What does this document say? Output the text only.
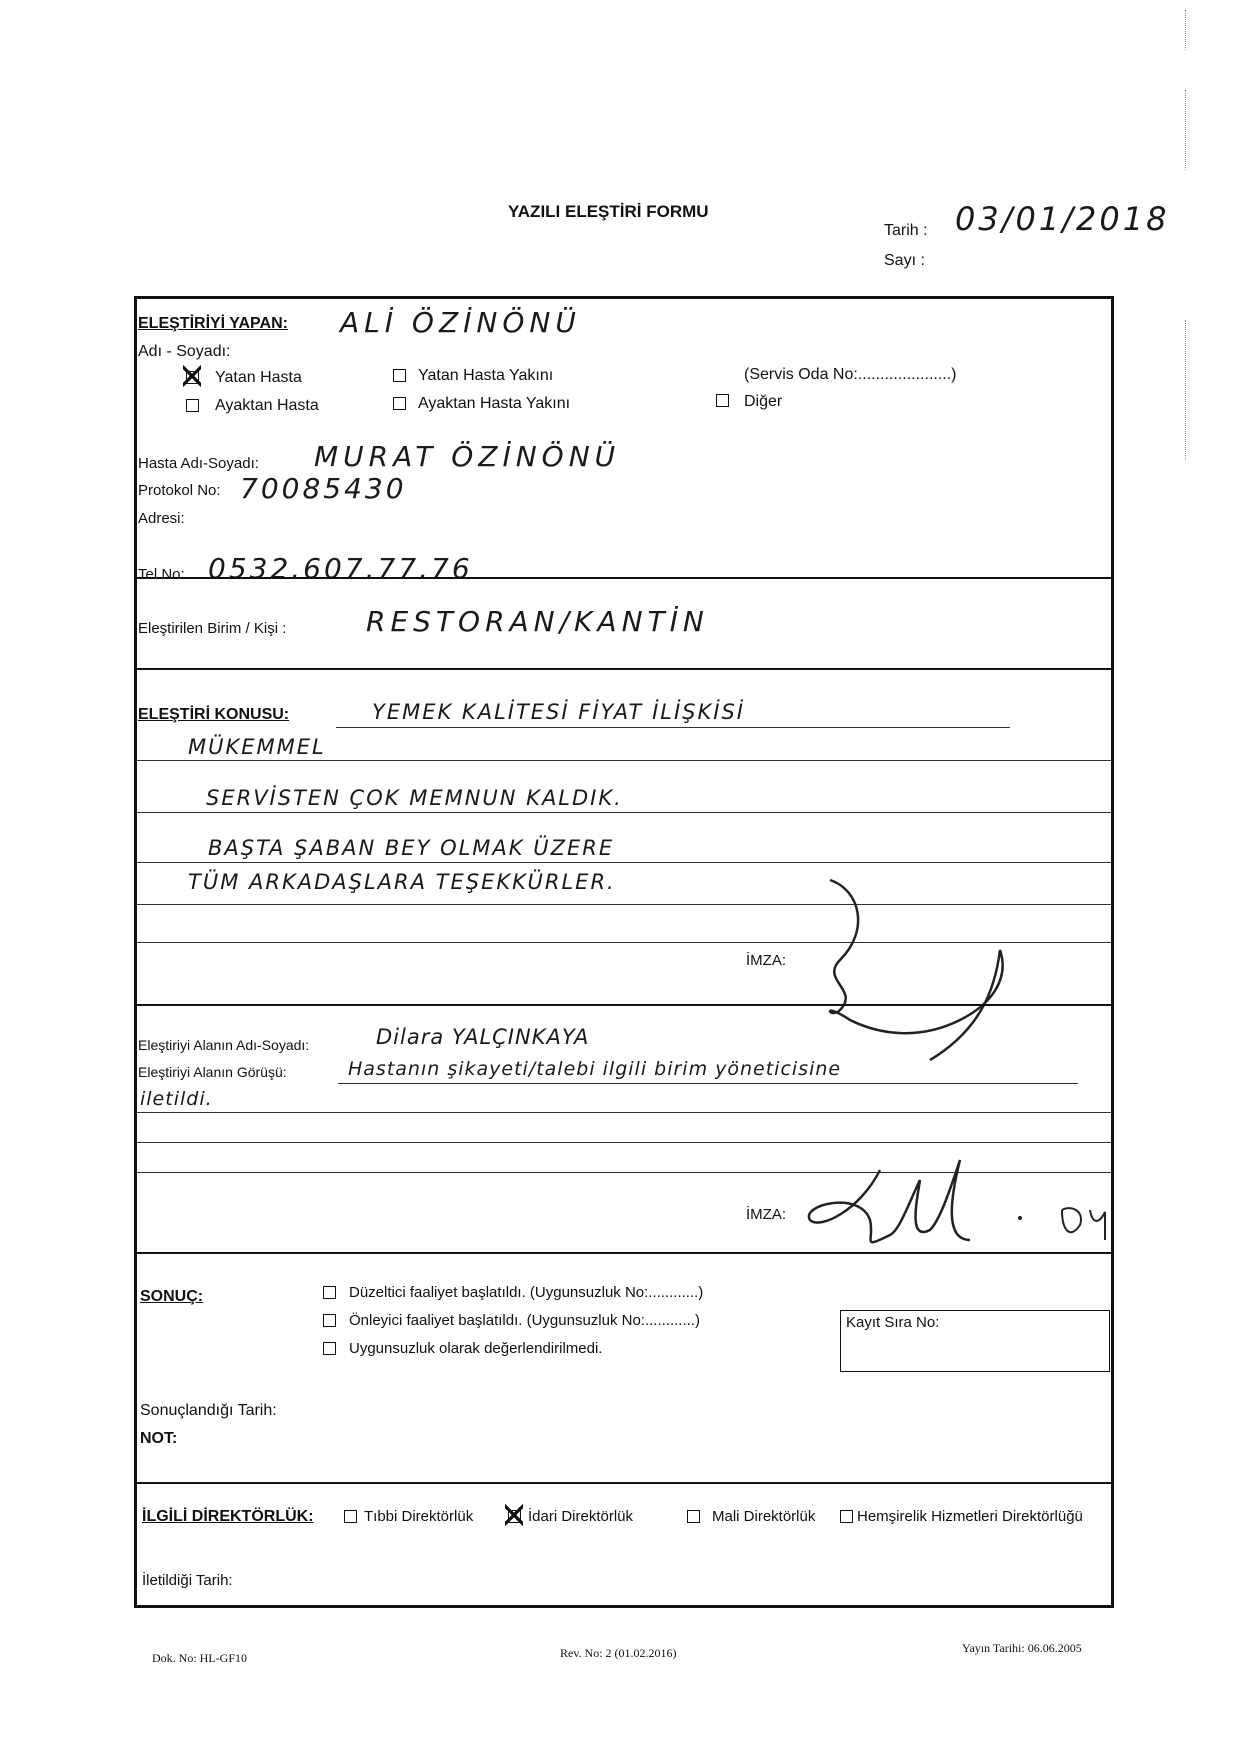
YAZILI ELEŞTİRİ FORMU
Tarih : 03/01/2018
Sayı :
ELEŞTİRİYİ YAPAN: ALİ ÖZİNÖNÜ
Adı - Soyadı:
Yatan Hasta	Yatan Hasta Yakını	(Servis Oda No:.....................)
Ayaktan Hasta	Ayaktan Hasta Yakını	Diğer
Hasta Adı-Soyadı: MURAT ÖZİNÖNÜ
Protokol No: 70085430
Adresi:
Tel.No: 0532.607.77.76
Eleştirilen Birim / Kişi :	RESTORAN/KANTİN
ELEŞTİRİ KONUSU:	YEMEK KALİTESİ FİYAT İLİŞKİSİ
MÜKEMMEL
SERVİSTEN ÇOK MEMNUN KALDIK.
BAŞTA ŞABAN BEY OLMAK ÜZERE
TÜM ARKADAŞLARA TEŞEKKÜRLER.
İMZA:
Eleştiriyi Alanın Adı-Soyadı:	Dilara YALÇINKAYA
Eleştiriyi Alanın Görüşü:	Hastanın şikayeti/talebi ilgili birim yöneticisine
iletildi.
İMZA:
SONUÇ:	Düzeltici faaliyet başlatıldı. (Uygunsuzluk No:............)
Önleyici faaliyet başlatıldı. (Uygunsuzluk No:............)
Uygunsuzluk olarak değerlendirilmedi.
Kayıt Sıra No:
Sonuçlandığı Tarih:
NOT:
İLGİLİ DİREKTÖRLÜK:	Tıbbi Direktörlük	İdari Direktörlük	Mali Direktörlük	Hemşirelik Hizmetleri Direktörlüğü
İletildiği Tarih:
Dok. No: HL-GF10	Rev. No: 2 (01.02.2016)	Yayın Tarihi: 06.06.2005
